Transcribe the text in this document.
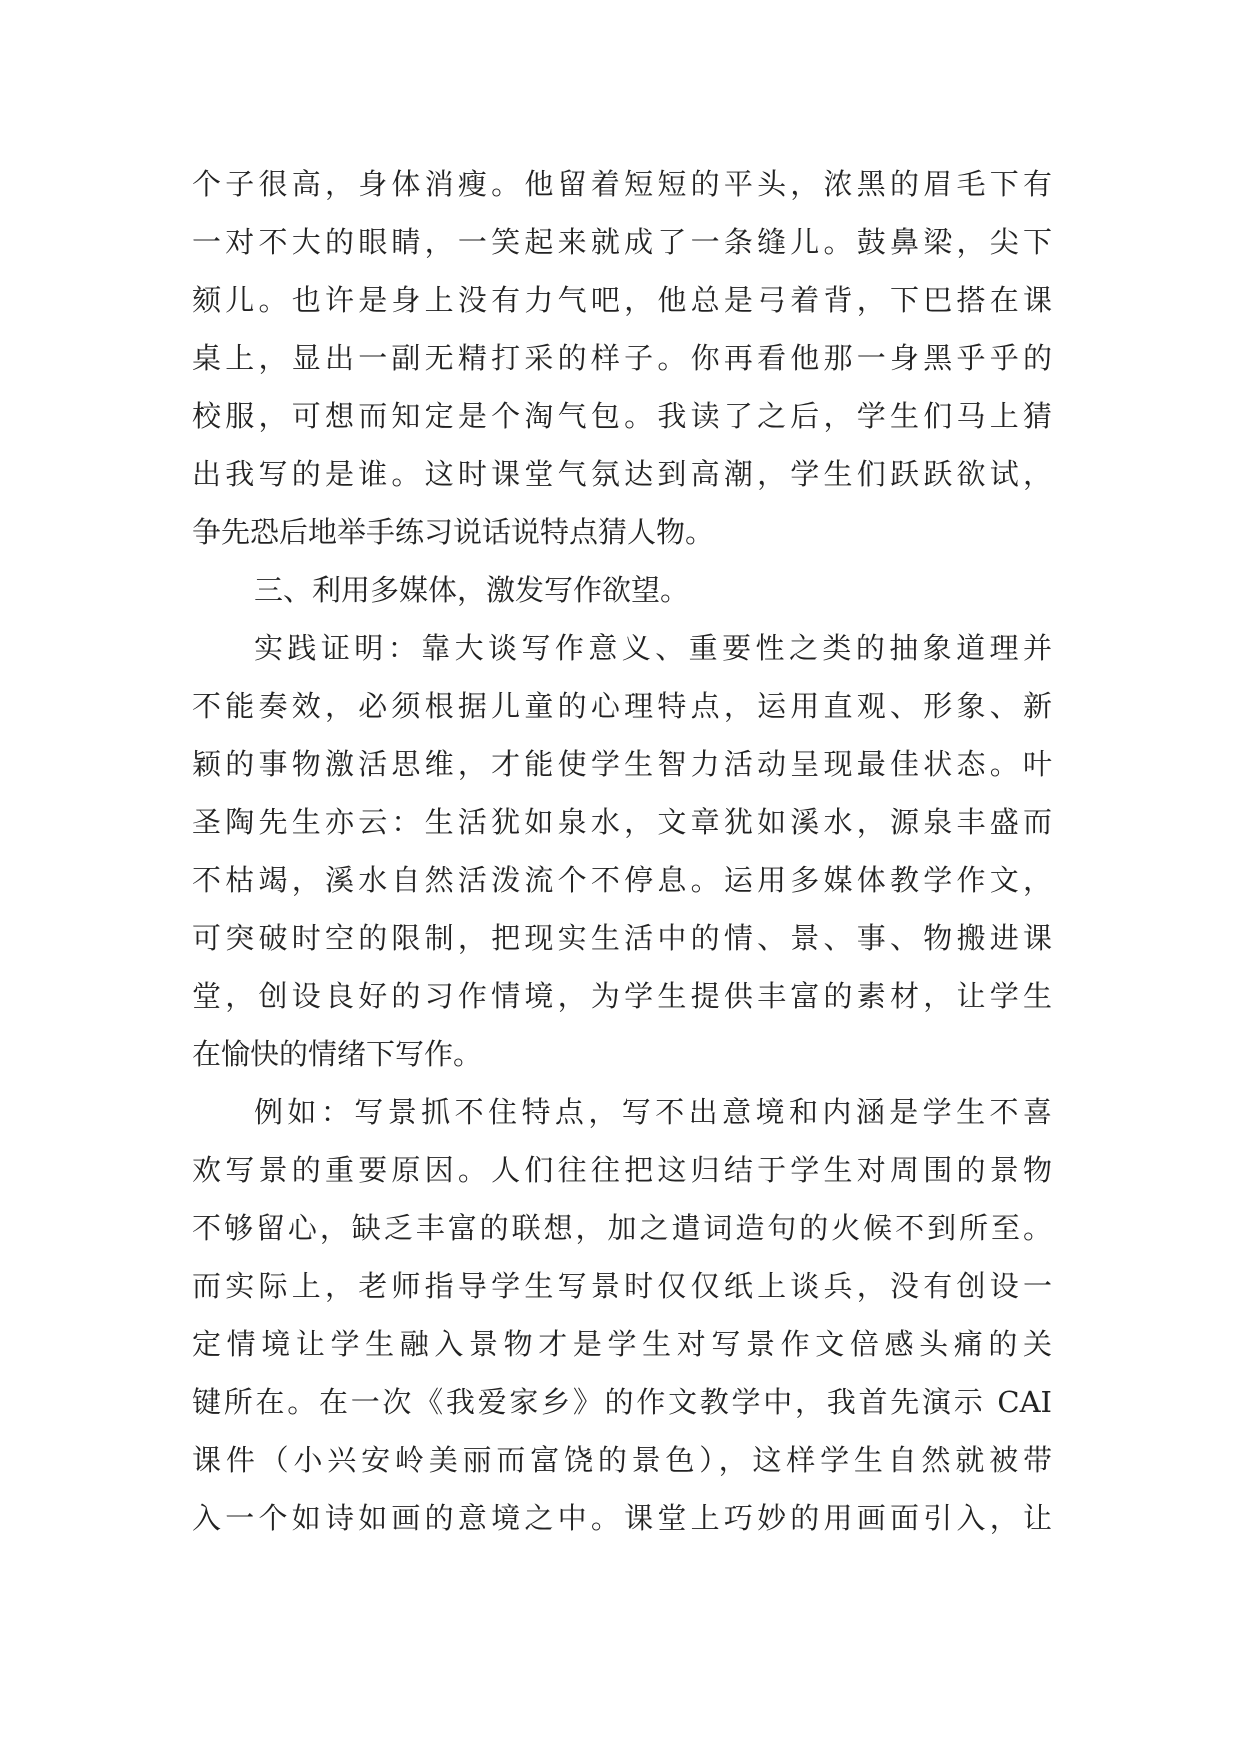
个子很高，身体消瘦。他留着短短的平头，浓黑的眉毛下有
一对不大的眼睛，一笑起来就成了一条缝儿。鼓鼻梁，尖下
颏儿。也许是身上没有力气吧，他总是弓着背，下巴搭在课
桌上，显出一副无精打采的样子。你再看他那一身黑乎乎的
校服，可想而知定是个淘气包。我读了之后，学生们马上猜
出我写的是谁。这时课堂气氛达到高潮，学生们跃跃欲试，
争先恐后地举手练习说话说特点猜人物。
三、利用多媒体，激发写作欲望。
实践证明：靠大谈写作意义、重要性之类的抽象道理并
不能奏效，必须根据儿童的心理特点，运用直观、形象、新
颖的事物激活思维，才能使学生智力活动呈现最佳状态。叶
圣陶先生亦云：生活犹如泉水，文章犹如溪水，源泉丰盛而
不枯竭，溪水自然活泼流个不停息。运用多媒体教学作文，
可突破时空的限制，把现实生活中的情、景、事、物搬进课
堂，创设良好的习作情境，为学生提供丰富的素材，让学生
在愉快的情绪下写作。
例如：写景抓不住特点，写不出意境和内涵是学生不喜
欢写景的重要原因。人们往往把这归结于学生对周围的景物
不够留心，缺乏丰富的联想，加之遣词造句的火候不到所至。
而实际上，老师指导学生写景时仅仅纸上谈兵，没有创设一
定情境让学生融入景物才是学生对写景作文倍感头痛的关
键所在。在一次《我爱家乡》的作文教学中，我首先演示 CAI
课件（小兴安岭美丽而富饶的景色），这样学生自然就被带
入一个如诗如画的意境之中。课堂上巧妙的用画面引入，让
